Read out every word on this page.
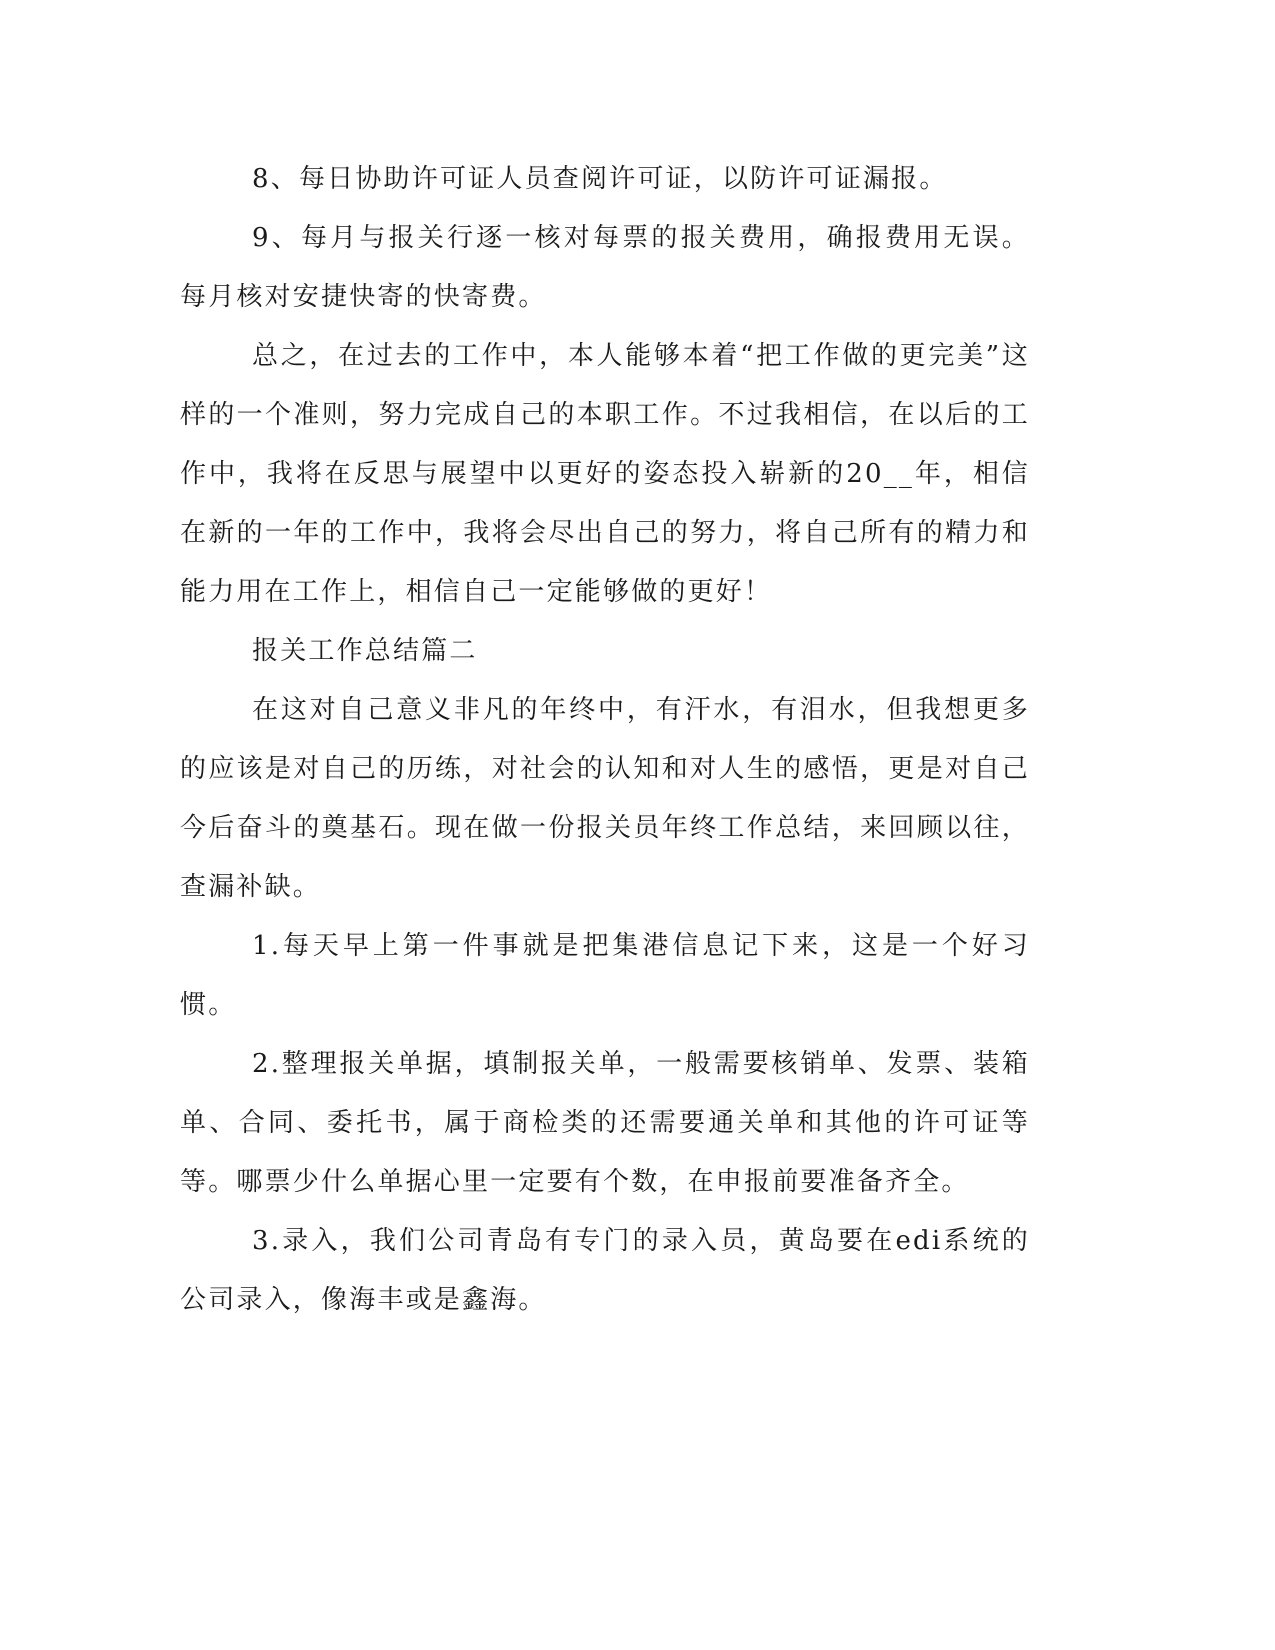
8、每日协助许可证人员查阅许可证，以防许可证漏报。

9、每月与报关行逐一核对每票的报关费用，确报费用无误。每月核对安捷快寄的快寄费。

总之，在过去的工作中，本人能够本着“把工作做的更完美”这样的一个准则，努力完成自己的本职工作。不过我相信，在以后的工作中，我将在反思与展望中以更好的姿态投入崭新的20__年，相信在新的一年的工作中，我将会尽出自己的努力，将自己所有的精力和能力用在工作上，相信自己一定能够做的更好！

报关工作总结篇二

在这对自己意义非凡的年终中，有汗水，有泪水，但我想更多的应该是对自己的历练，对社会的认知和对人生的感悟，更是对自己今后奋斗的奠基石。现在做一份报关员年终工作总结，来回顾以往，查漏补缺。

1.每天早上第一件事就是把集港信息记下来，这是一个好习惯。

2.整理报关单据，填制报关单，一般需要核销单、发票、装箱单、合同、委托书，属于商检类的还需要通关单和其他的许可证等等。哪票少什么单据心里一定要有个数，在申报前要准备齐全。

3.录入，我们公司青岛有专门的录入员，黄岛要在edi系统的公司录入，像海丰或是鑫海。
